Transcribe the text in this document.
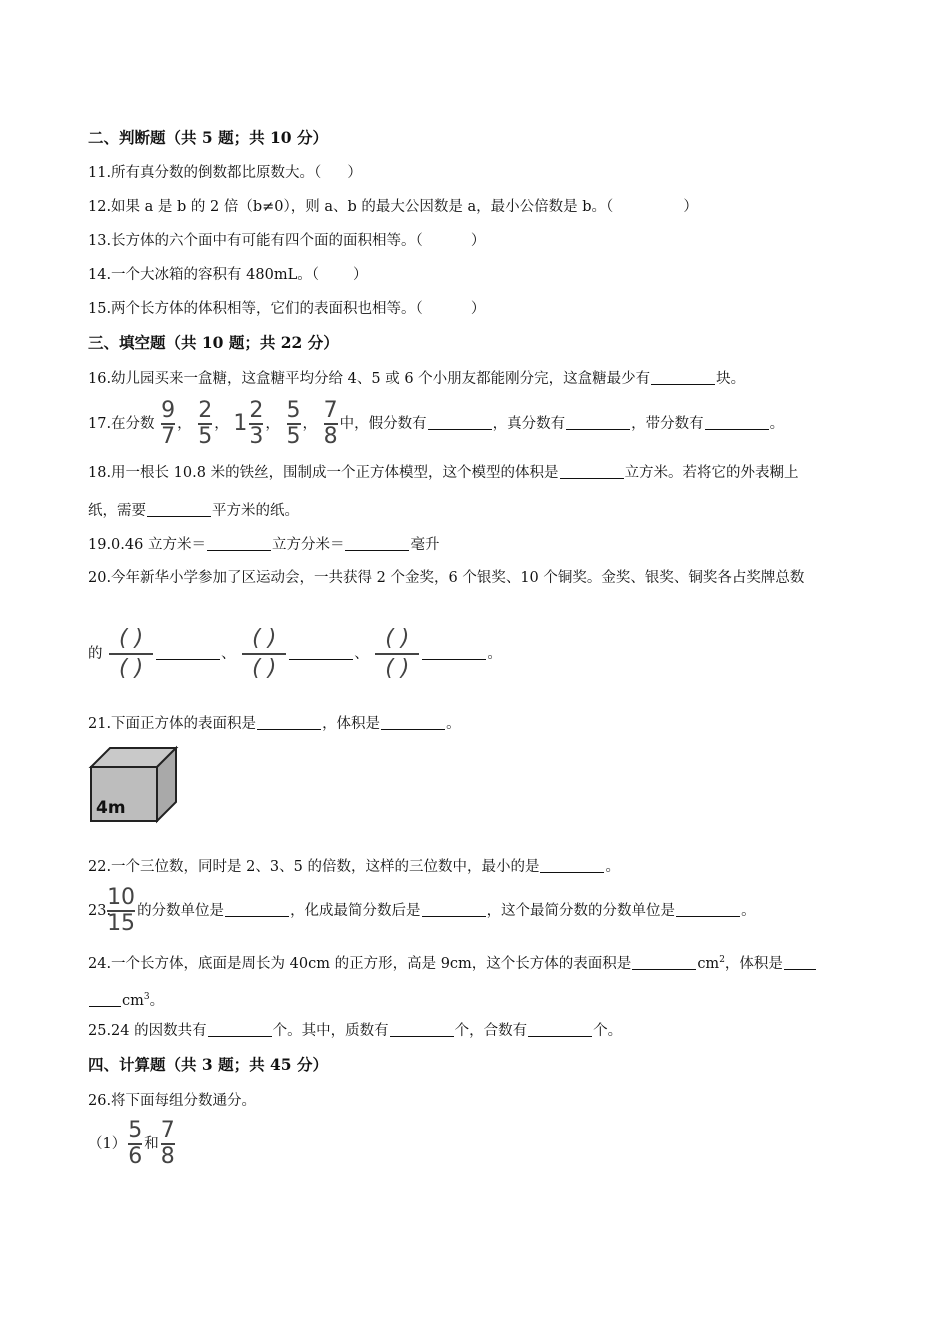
二、判断题（共 5 题；共 10 分）
11.所有真分数的倒数都比原数大。（ ）
12.如果 a 是 b 的 2 倍（b≠0），则 a、b 的最大公因数是 a，最小公倍数是 b。（	）
13.长方体的六个面中有可能有四个面的面积相等。（	）
14.一个大冰箱的容积有 480mL。（ ）
15.两个长方体的体积相等，它们的表面积也相等。（	）
三、填空题（共 10 题；共 22 分）
16.幼儿园买来一盒糖，这盒糖平均分给 4、5 或 6 个小朋友都能刚分完，这盒糖最少有	块。
17.在分数 $\frac{9}{7}$ ， $\frac{2}{5}$ ， $1 \frac{2}{3}$ ， $\frac{5}{5}$ ， $\frac{7}{8}$ 中，假分数有	，真分数有	，带分数有	。
18.用一根长 10.8 米的铁丝，围制成一个正方体模型，这个模型的体积是	立方米。若将它的外表糊上
纸，需要	平方米的纸。
19.0.46 立方米＝	立方分米＝	毫升
20.今年新华小学参加了区运动会，一共获得 2 个金奖，6 个银奖、10 个铜奖。金奖、银奖、铜奖各占奖牌总数
的
( )
( )
、
( )
( )
、
( )
( )
。
21.下面正方体的表面积是	，体积是	。
4m
22.一个三位数，同时是 2、3、5 的倍数，这样的三位数中，最小的是	。
23.
$\frac{10}{15}$ 的分数单位是	，化成最简分数后是	，这个最简分数的分数单位是	。
24.一个长方体，底面是周长为 40cm 的正方形，高是 9cm，这个长方体的表面积是	$cm^2$，体积是
$cm^3$。
25.24 的因数共有	个。其中，质数有	个，合数有	个。
四、计算题（共 3 题；共 45 分）
26.将下面每组分数通分。
$(1) \frac{5}{6}$ 和 $\frac{7}{8}$
